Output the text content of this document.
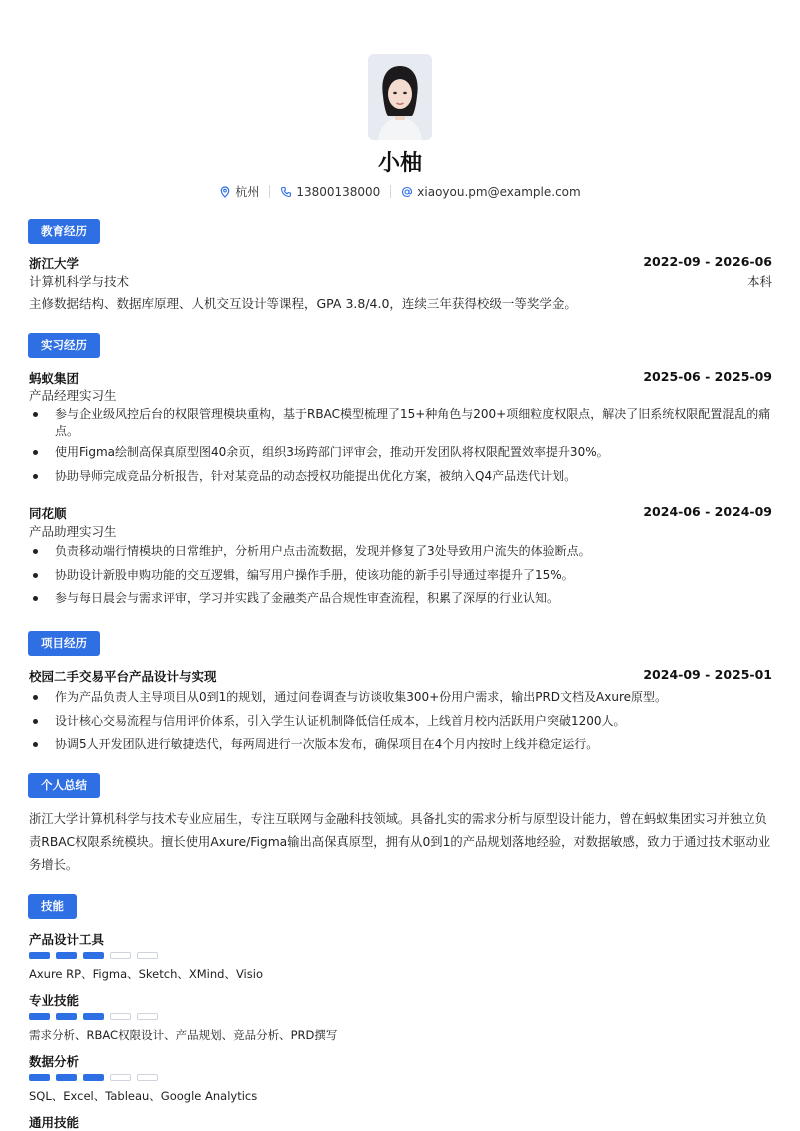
小柚
杭州	13800138000	xiaoyou.pm@example.com
教育经历
浙江大学	2022-09 - 2026-06
计算机科学与技术	本科
主修数据结构、数据库原理、人机交互设计等课程，GPA 3.8/4.0，连续三年获得校级一等奖学金。
实习经历
蚂蚁集团	2025-06 - 2025-09
产品经理实习生
参与企业级风控后台的权限管理模块重构，基于RBAC模型梳理了15+种角色与200+项细粒度权限点，解决了旧系统权限配置混乱的痛点。
使用Figma绘制高保真原型图40余页，组织3场跨部门评审会，推动开发团队将权限配置效率提升30%。
协助导师完成竞品分析报告，针对某竞品的动态授权功能提出优化方案，被纳入Q4产品迭代计划。
同花顺	2024-06 - 2024-09
产品助理实习生
负责移动端行情模块的日常维护，分析用户点击流数据，发现并修复了3处导致用户流失的体验断点。
协助设计新股申购功能的交互逻辑，编写用户操作手册，使该功能的新手引导通过率提升了15%。
参与每日晨会与需求评审，学习并实践了金融类产品合规性审查流程，积累了深厚的行业认知。
项目经历
校园二手交易平台产品设计与实现	2024-09 - 2025-01
作为产品负责人主导项目从0到1的规划，通过问卷调查与访谈收集300+份用户需求，输出PRD文档及Axure原型。
设计核心交易流程与信用评价体系，引入学生认证机制降低信任成本，上线首月校内活跃用户突破1200人。
协调5人开发团队进行敏捷迭代，每两周进行一次版本发布，确保项目在4个月内按时上线并稳定运行。
个人总结
浙江大学计算机科学与技术专业应届生，专注互联网与金融科技领域。具备扎实的需求分析与原型设计能力，曾在蚂蚁集团实习并独立负责RBAC权限系统模块。擅长使用Axure/Figma输出高保真原型，拥有从0到1的产品规划落地经验，对数据敏感，致力于通过技术驱动业务增长。
技能
产品设计工具
Axure RP、Figma、Sketch、XMind、Visio
专业技能
需求分析、RBAC权限设计、产品规划、竞品分析、PRD撰写
数据分析
SQL、Excel、Tableau、Google Analytics
通用技能
